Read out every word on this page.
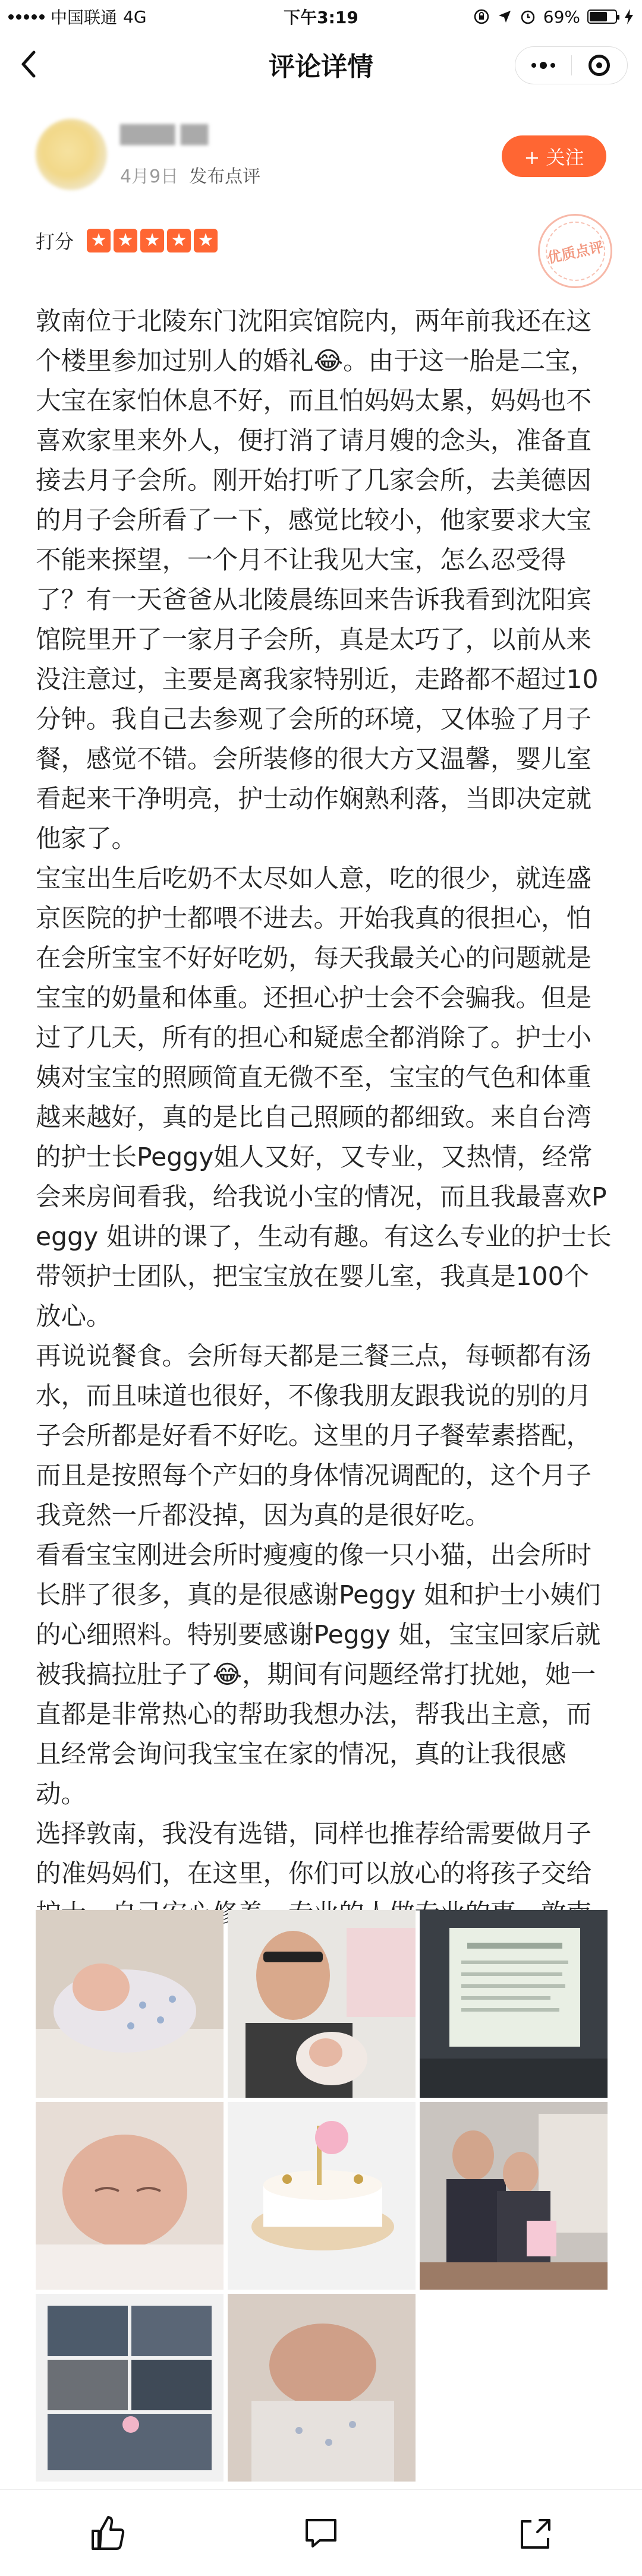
中国联通 4G	下午3:19	69%
评论详情
████ ██
4月9日 发布点评
+ 关注
打分 ★ ★ ★ ★ ★	优质点评

敦南位于北陵东门沈阳宾馆院内，两年前我还在这个楼里参加过别人的婚礼😂。由于这一胎是二宝，大宝在家怕休息不好，而且怕妈妈太累，妈妈也不喜欢家里来外人，便打消了请月嫂的念头，准备直接去月子会所。刚开始打听了几家会所，去美德因的月子会所看了一下，感觉比较小，他家要求大宝不能来探望，一个月不让我见大宝，怎么忍受得了？有一天爸爸从北陵晨练回来告诉我看到沈阳宾馆院里开了一家月子会所，真是太巧了，以前从来没注意过，主要是离我家特别近，走路都不超过10分钟。我自己去参观了会所的环境，又体验了月子餐，感觉不错。会所装修的很大方又温馨，婴儿室看起来干净明亮，护士动作娴熟利落，当即决定就他家了。

宝宝出生后吃奶不太尽如人意，吃的很少，就连盛京医院的护士都喂不进去。开始我真的很担心，怕在会所宝宝不好好吃奶，每天我最关心的问题就是宝宝的奶量和体重。还担心护士会不会骗我。但是过了几天，所有的担心和疑虑全都消除了。护士小姨对宝宝的照顾简直无微不至，宝宝的气色和体重越来越好，真的是比自己照顾的都细致。来自台湾的护士长Peggy姐人又好，又专业，又热情，经常会来房间看我，给我说小宝的情况，而且我最喜欢Peggy 姐讲的课了，生动有趣。有这么专业的护士长带领护士团队，把宝宝放在婴儿室，我真是100个放心。

再说说餐食。会所每天都是三餐三点，每顿都有汤水，而且味道也很好，不像我朋友跟我说的别的月子会所都是好看不好吃。这里的月子餐荤素搭配，而且是按照每个产妇的身体情况调配的，这个月子我竟然一斤都没掉，因为真的是很好吃。

看看宝宝刚进会所时瘦瘦的像一只小猫，出会所时长胖了很多，真的是很感谢Peggy 姐和护士小姨们的心细照料。特别要感谢Peggy 姐，宝宝回家后就被我搞拉肚子了😂，期间有问题经常打扰她，她一直都是非常热心的帮助我想办法，帮我出主意，而且经常会询问我宝宝在家的情况，真的让我很感动。

选择敦南，我没有选错，同样也推荐给需要做月子的准妈妈们，在这里，你们可以放心的将孩子交给 安心修养，
